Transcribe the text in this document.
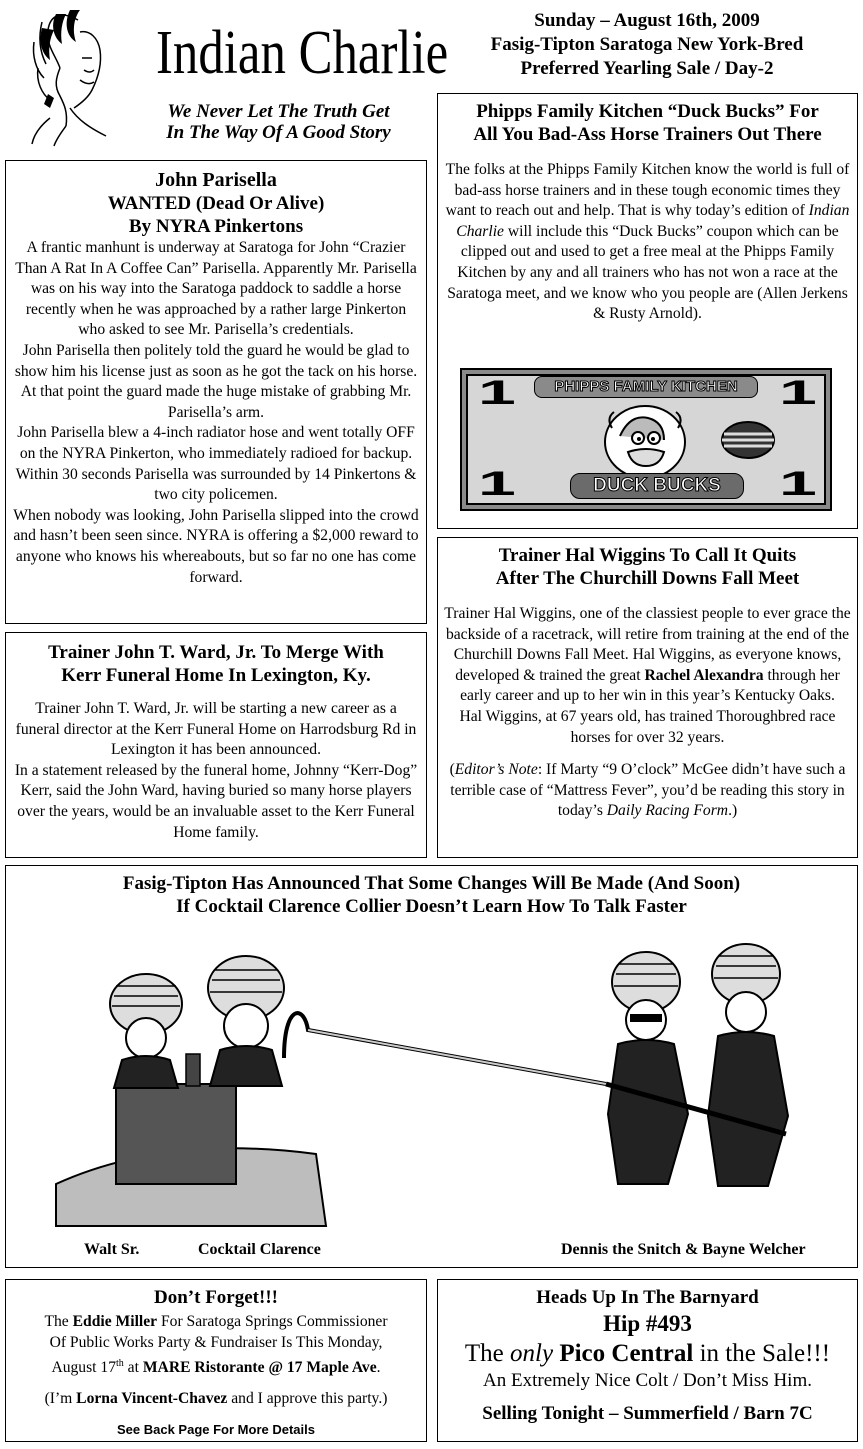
Indian Charlie
We Never Let The Truth Get
In The Way Of A Good Story
Sunday – August 16th, 2009
Fasig-Tipton Saratoga New York-Bred
Preferred Yearling Sale / Day-2
John Parisella
WANTED (Dead Or Alive)
By NYRA Pinkertons
A frantic manhunt is underway at Saratoga for John “Crazier Than A Rat In A Coffee Can” Parisella. Apparently Mr. Parisella was on his way into the Saratoga paddock to saddle a horse recently when he was approached by a rather large Pinkerton who asked to see Mr. Parisella’s credentials.
John Parisella then politely told the guard he would be glad to show him his license just as soon as he got the tack on his horse. At that point the guard made the huge mistake of grabbing Mr. Parisella’s arm.
John Parisella blew a 4-inch radiator hose and went totally OFF on the NYRA Pinkerton, who immediately radioed for backup. Within 30 seconds Parisella was surrounded by 14 Pinkertons & two city policemen.
When nobody was looking, John Parisella slipped into the crowd and hasn’t been seen since. NYRA is offering a $2,000 reward to anyone who knows his whereabouts, but so far no one has come forward.
Trainer John T. Ward, Jr. To Merge With
Kerr Funeral Home In Lexington, Ky.
Trainer John T. Ward, Jr. will be starting a new career as a funeral director at the Kerr Funeral Home on Harrodsburg Rd in Lexington it has been announced.
In a statement released by the funeral home, Johnny “Kerr-Dog” Kerr, said the John Ward, having buried so many horse players over the years, would be an invaluable asset to the Kerr Funeral Home family.
Phipps Family Kitchen “Duck Bucks” For
All You Bad-Ass Horse Trainers Out There
The folks at the Phipps Family Kitchen know the world is full of bad-ass horse trainers and in these tough economic times they want to reach out and help. That is why today’s edition of Indian Charlie will include this “Duck Bucks” coupon which can be clipped out and used to get a free meal at the Phipps Family Kitchen by any and all trainers who has not won a race at the Saratoga meet, and we know who you people are (Allen Jerkens & Rusty Arnold).
1	1
1	1
PHIPPS FAMILY KITCHEN
DUCK BUCKS
Trainer Hal Wiggins To Call It Quits
After The Churchill Downs Fall Meet
Trainer Hal Wiggins, one of the classiest people to ever grace the backside of a racetrack, will retire from training at the end of the Churchill Downs Fall Meet. Hal Wiggins, as everyone knows, developed & trained the great Rachel Alexandra through her early career and up to her win in this year’s Kentucky Oaks.
Hal Wiggins, at 67 years old, has trained Thoroughbred race horses for over 32 years.
(Editor’s Note: If Marty “9 O’clock” McGee didn’t have such a terrible case of “Mattress Fever”, you’d be reading this story in today’s Daily Racing Form.)
Fasig-Tipton Has Announced That Some Changes Will Be Made (And Soon)
If Cocktail Clarence Collier Doesn’t Learn How To Talk Faster
Walt Sr.	Cocktail Clarence	Dennis the Snitch & Bayne Welcher
Don’t Forget!!!
The Eddie Miller For Saratoga Springs Commissioner
Of Public Works Party & Fundraiser Is This Monday,
August 17th at MARE Ristorante @ 17 Maple Ave.
(I’m Lorna Vincent-Chavez and I approve this party.)
See Back Page For More Details
Heads Up In The Barnyard
Hip #493
The only Pico Central in the Sale!!!
An Extremely Nice Colt / Don’t Miss Him.
Selling Tonight – Summerfield / Barn 7C
